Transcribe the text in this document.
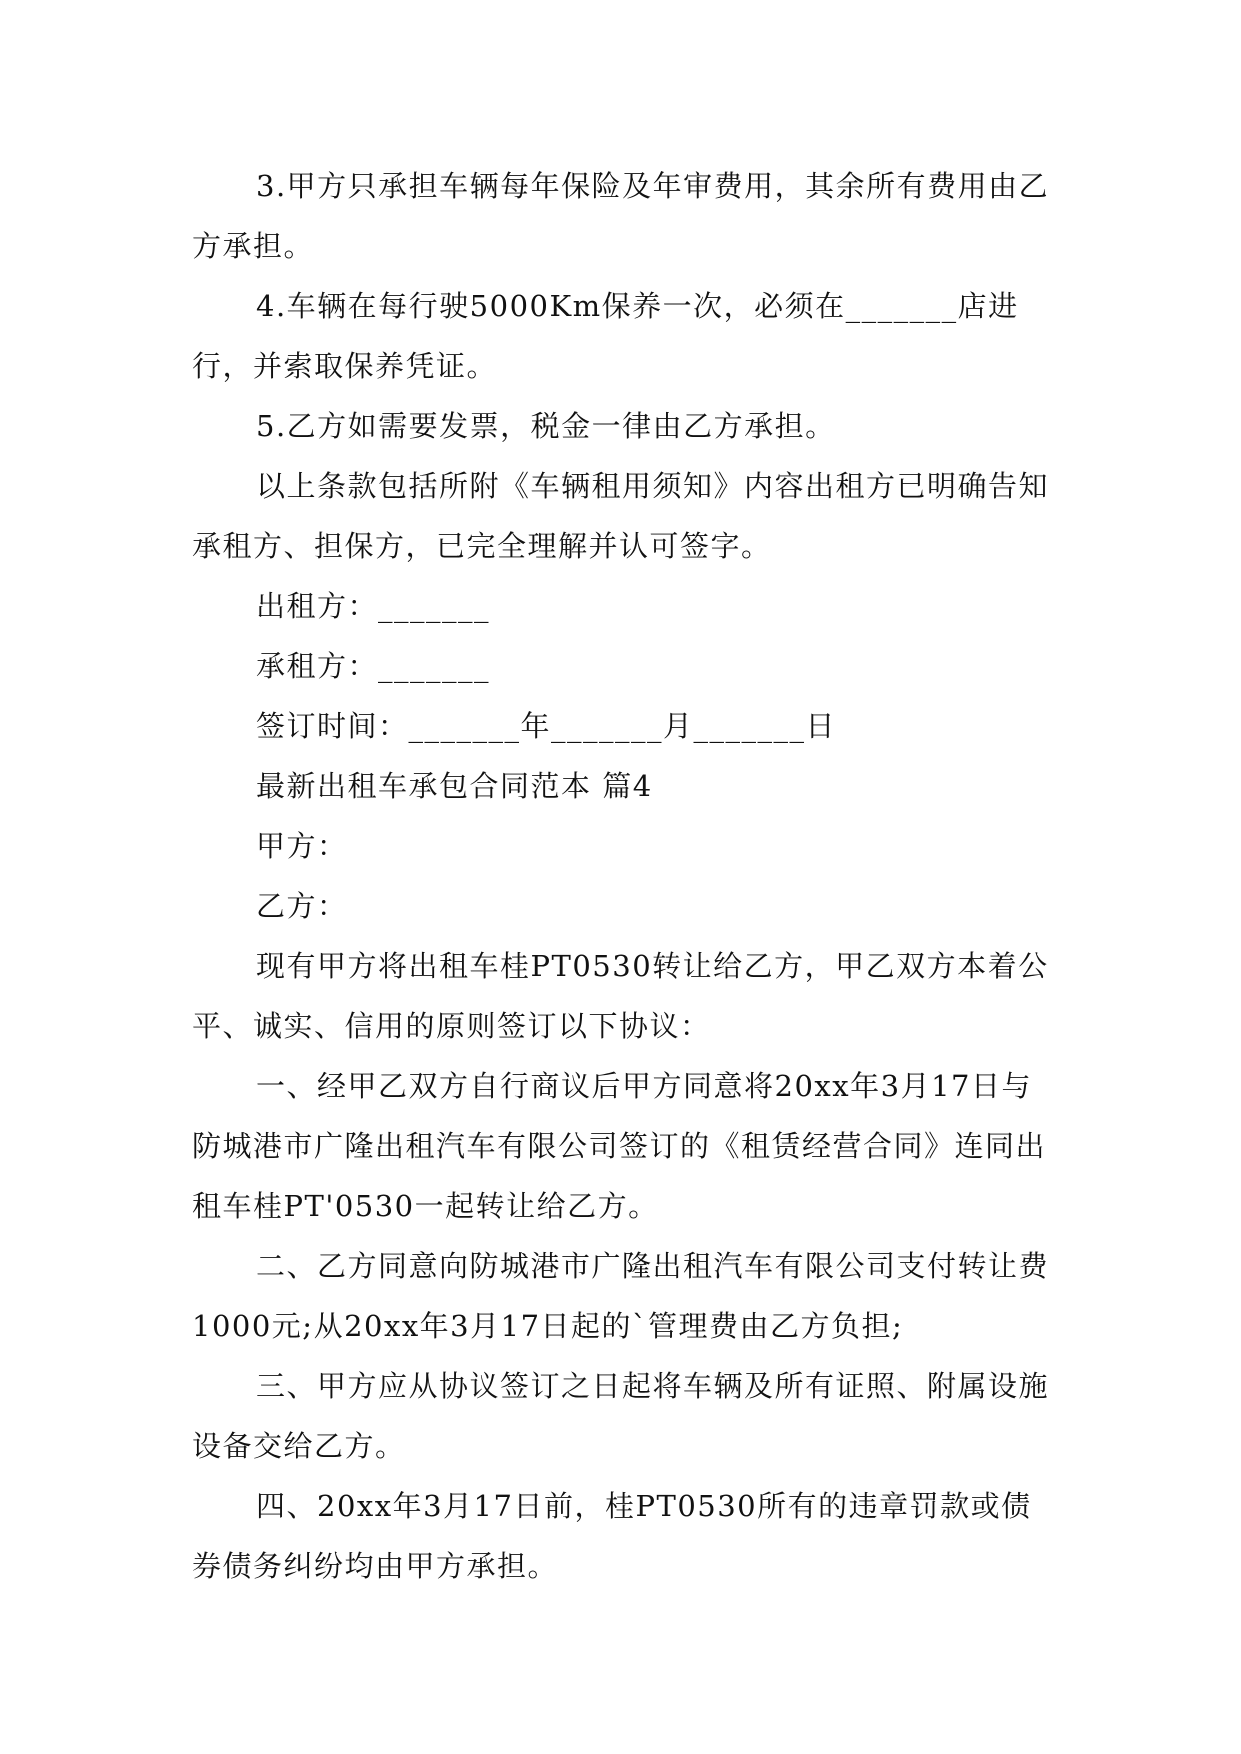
3.甲方只承担车辆每年保险及年审费用，其余所有费用由乙方承担。

4.车辆在每行驶5000Km保养一次，必须在_______店进行，并索取保养凭证。

5.乙方如需要发票，税金一律由乙方承担。

以上条款包括所附《车辆租用须知》内容出租方已明确告知承租方、担保方，已完全理解并认可签字。

出租方：_______

承租方：_______

签订时间：_______年_______月_______日

最新出租车承包合同范本 篇4

甲方：

乙方：

现有甲方将出租车桂PT0530转让给乙方，甲乙双方本着公平、诚实、信用的原则签订以下协议：

一、经甲乙双方自行商议后甲方同意将20xx年3月17日与防城港市广隆出租汽车有限公司签订的《租赁经营合同》连同出租车桂PT'0530一起转让给乙方。

二、乙方同意向防城港市广隆出租汽车有限公司支付转让费1000元;从20xx年3月17日起的`管理费由乙方负担;

三、甲方应从协议签订之日起将车辆及所有证照、附属设施设备交给乙方。

四、20xx年3月17日前，桂PT0530所有的违章罚款或债券债务纠纷均由甲方承担。
